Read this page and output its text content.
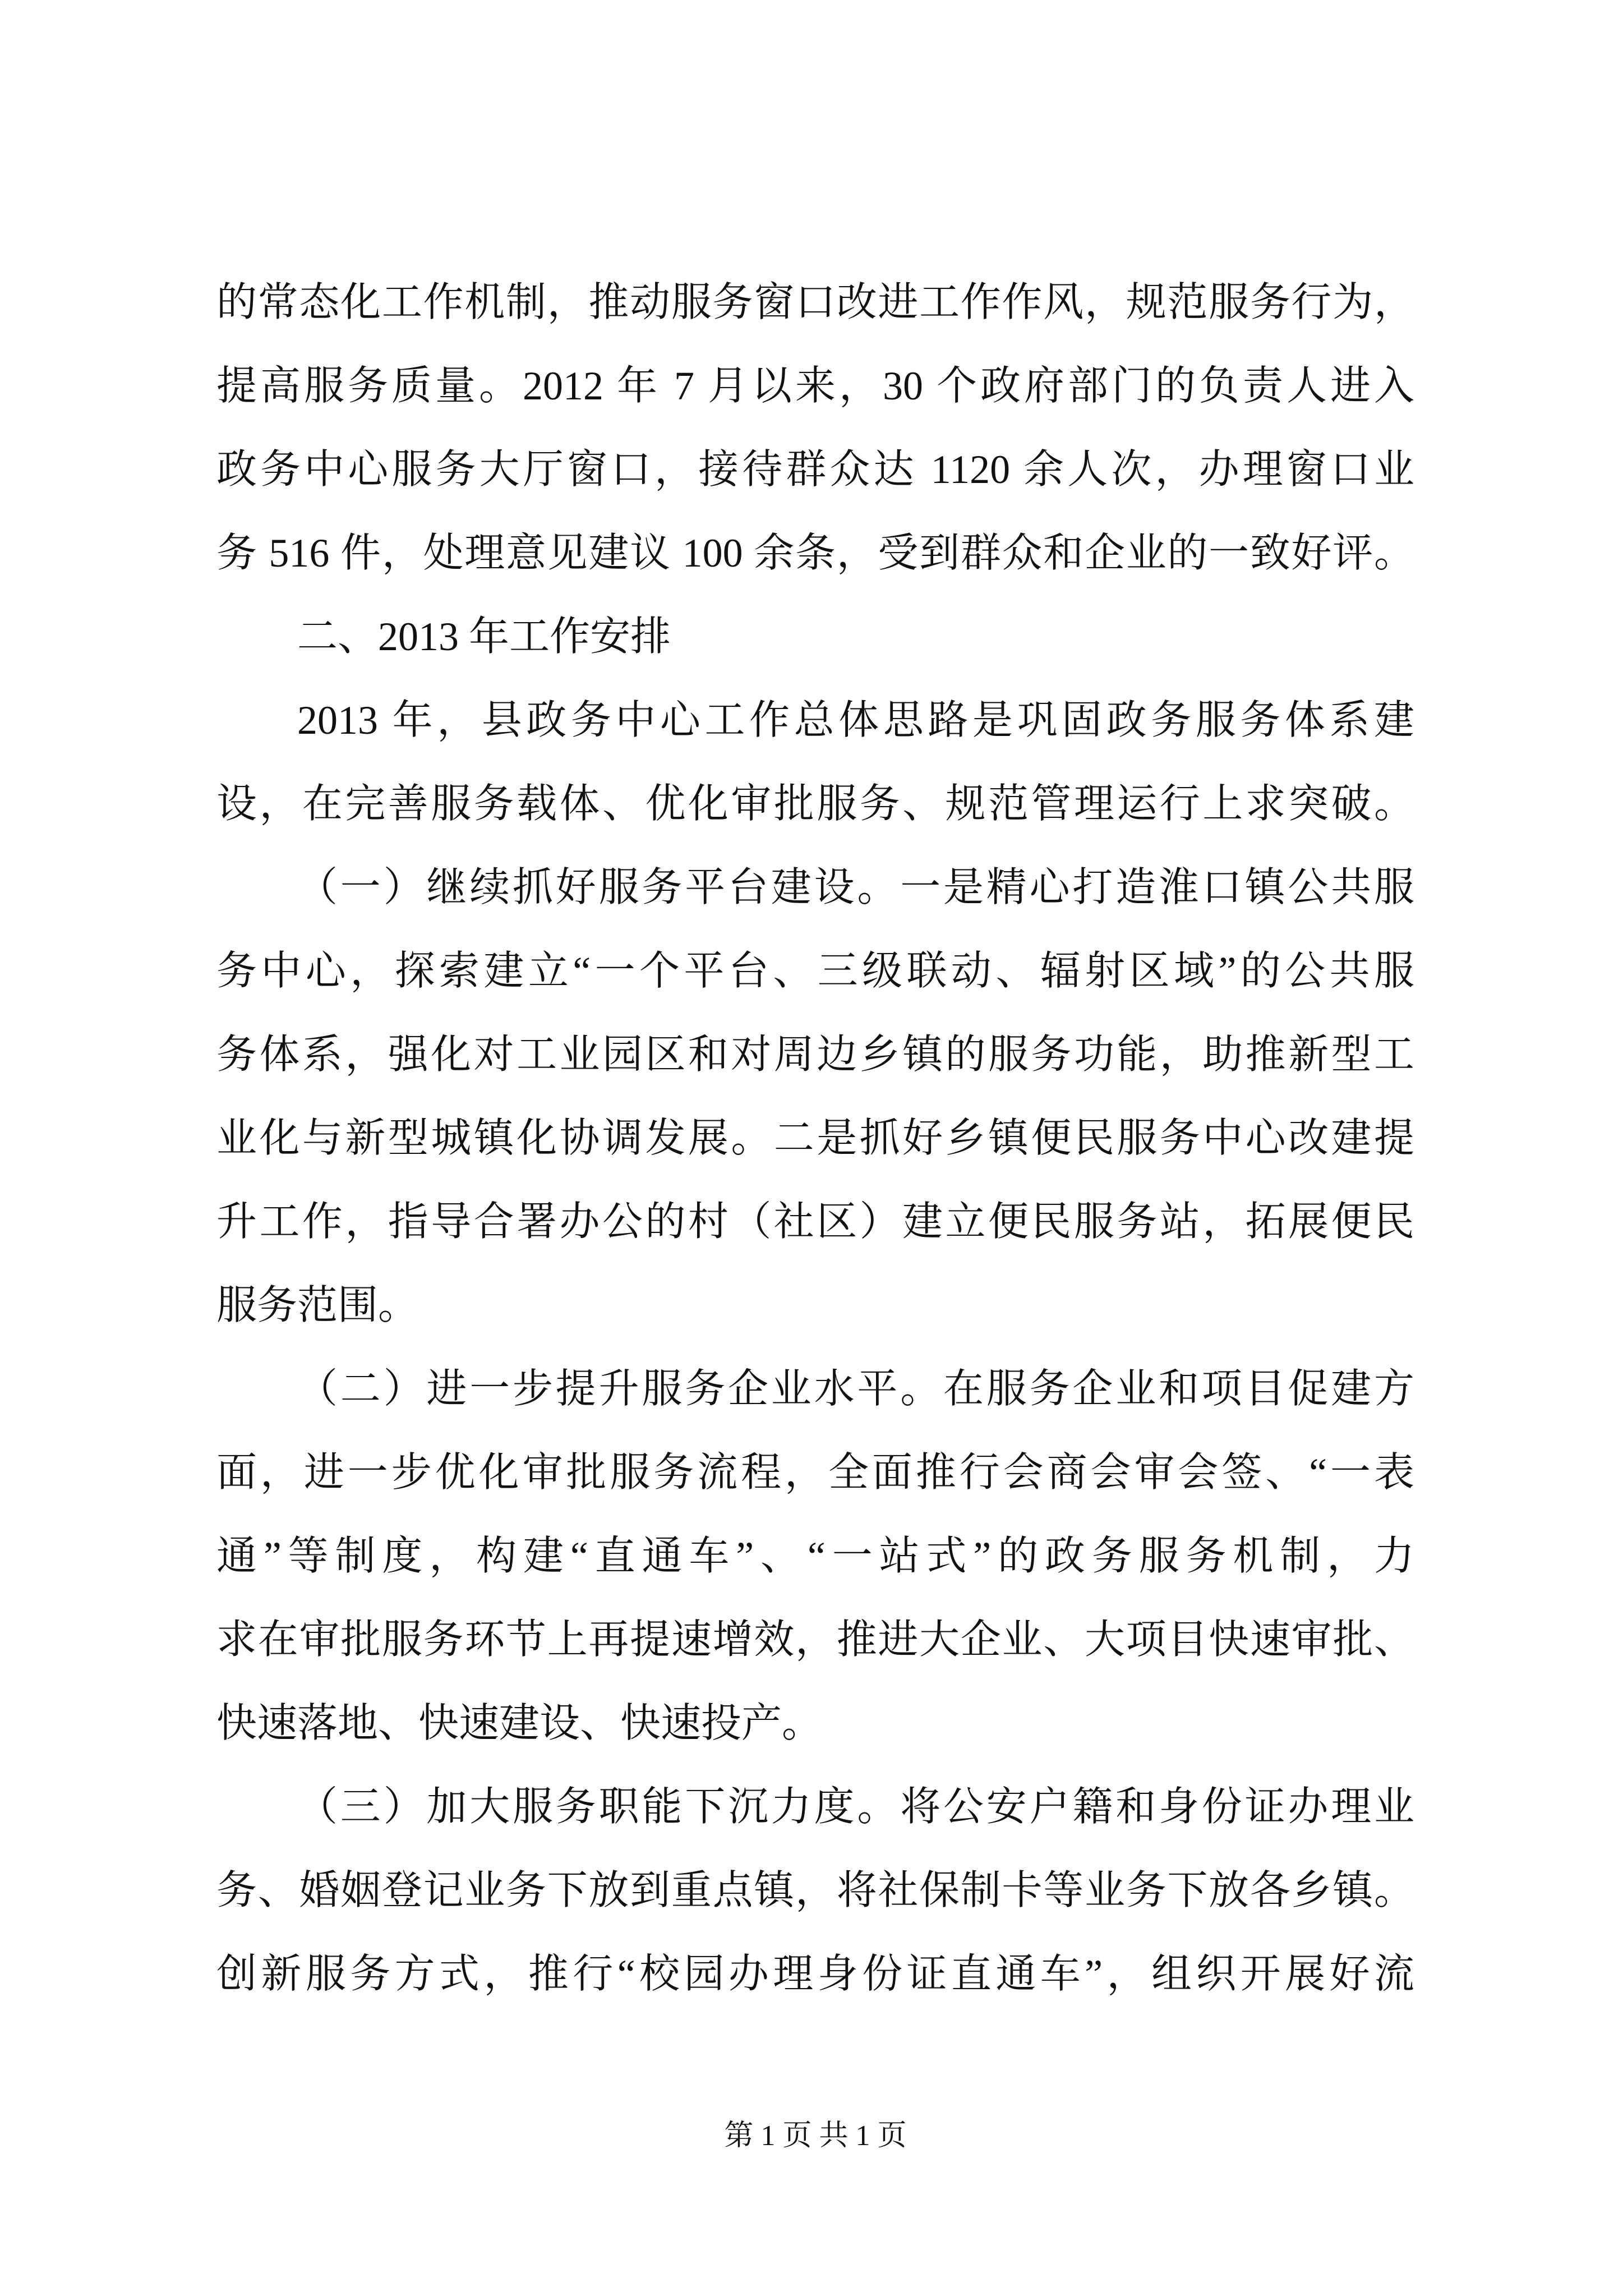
的常态化工作机制，推动服务窗口改进工作作风，规范服务行为，
提高服务质量。2012 年 7 月以来，30 个政府部门的负责人进入
政务中心服务大厅窗口，接待群众达 1120 余人次，办理窗口业
务 516 件，处理意见建议 100 余条，受到群众和企业的一致好评。
二、2013 年工作安排
2013 年，县政务中心工作总体思路是巩固政务服务体系建
设，在完善服务载体、优化审批服务、规范管理运行上求突破。
（一）继续抓好服务平台建设。一是精心打造淮口镇公共服
务中心，探索建立“一个平台、三级联动、辐射区域”的公共服
务体系，强化对工业园区和对周边乡镇的服务功能，助推新型工
业化与新型城镇化协调发展。二是抓好乡镇便民服务中心改建提
升工作，指导合署办公的村（社区）建立便民服务站，拓展便民
服务范围。
（二）进一步提升服务企业水平。在服务企业和项目促建方
面，进一步优化审批服务流程，全面推行会商会审会签、“一表
通”等制度，构建“直通车”、“一站式”的政务服务机制，力
求在审批服务环节上再提速增效，推进大企业、大项目快速审批、
快速落地、快速建设、快速投产。
（三）加大服务职能下沉力度。将公安户籍和身份证办理业
务、婚姻登记业务下放到重点镇，将社保制卡等业务下放各乡镇。
创新服务方式，推行“校园办理身份证直通车”，组织开展好流
第 1 页 共 1 页
